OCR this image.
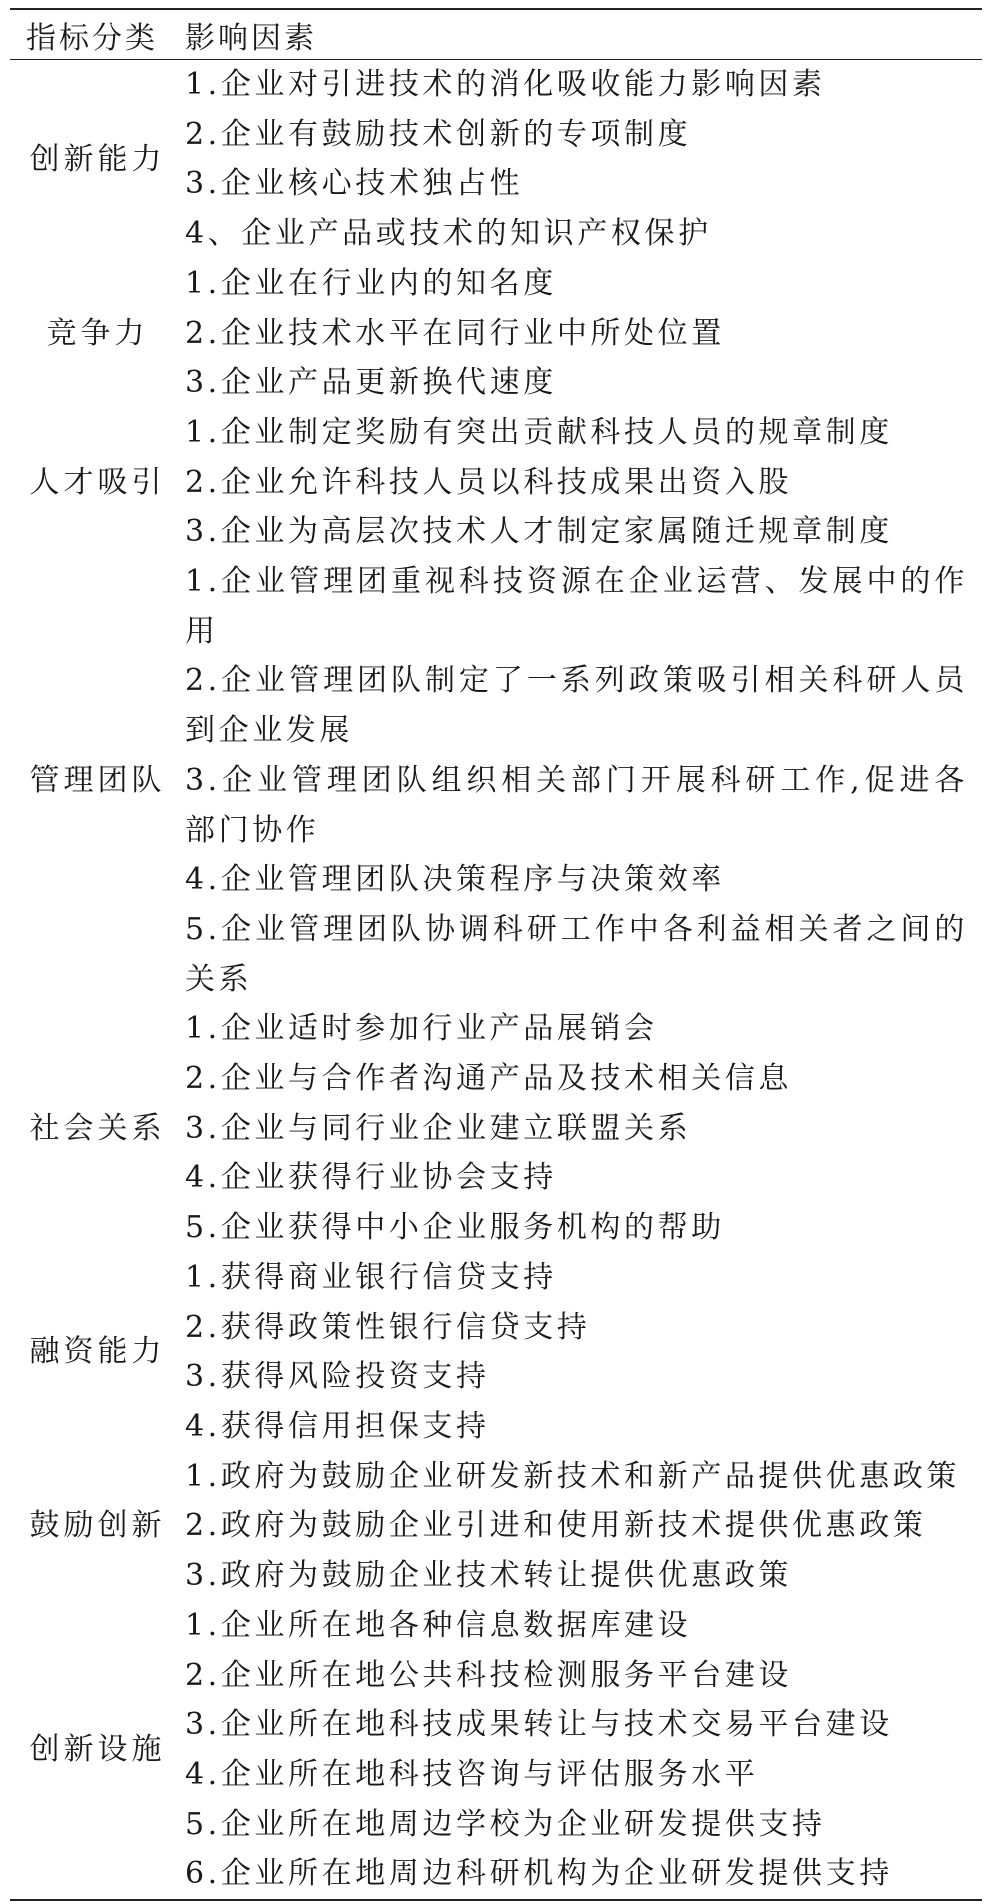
指标分类	影响因素
创新能力	1.企业对引进技术的消化吸收能力影响因素
	2.企业有鼓励技术创新的专项制度
	3.企业核心技术独占性
	4、企业产品或技术的知识产权保护
竞争力	1.企业在行业内的知名度
	2.企业技术水平在同行业中所处位置
	3.企业产品更新换代速度
人才吸引	1.企业制定奖励有突出贡献科技人员的规章制度
	2.企业允许科技人员以科技成果出资入股
	3.企业为高层次技术人才制定家属随迁规章制度
管理团队	1.企业管理团重视科技资源在企业运营、发展中的作用
	2.企业管理团队制定了一系列政策吸引相关科研人员到企业发展
	3.企业管理团队组织相关部门开展科研工作,促进各部门协作
	4.企业管理团队决策程序与决策效率
	5.企业管理团队协调科研工作中各利益相关者之间的关系
社会关系	1.企业适时参加行业产品展销会
	2.企业与合作者沟通产品及技术相关信息
	3.企业与同行业企业建立联盟关系
	4.企业获得行业协会支持
	5.企业获得中小企业服务机构的帮助
融资能力	1.获得商业银行信贷支持
	2.获得政策性银行信贷支持
	3.获得风险投资支持
	4.获得信用担保支持
鼓励创新	1.政府为鼓励企业研发新技术和新产品提供优惠政策
	2.政府为鼓励企业引进和使用新技术提供优惠政策
	3.政府为鼓励企业技术转让提供优惠政策
创新设施	1.企业所在地各种信息数据库建设
	2.企业所在地公共科技检测服务平台建设
	3.企业所在地科技成果转让与技术交易平台建设
	4.企业所在地科技咨询与评估服务水平
	5.企业所在地周边学校为企业研发提供支持
	6.企业所在地周边科研机构为企业研发提供支持
